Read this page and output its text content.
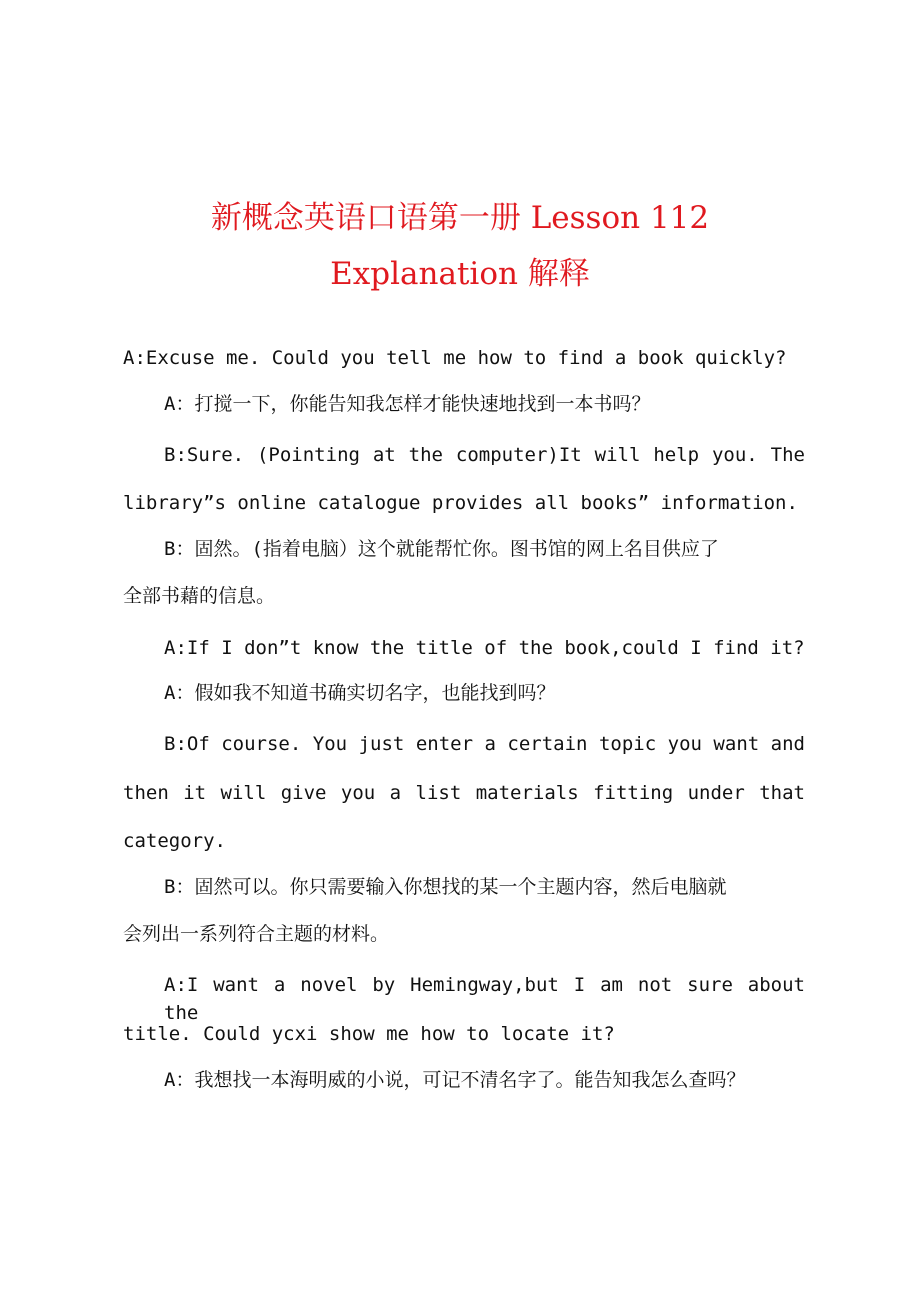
新概念英语口语第一册 Lesson 112
Explanation 解释
A:Excuse me. Could you tell me how to find a book quickly?
A：打搅一下，你能告知我怎样才能快速地找到一本书吗？
B:Sure. (Pointing at the computer)It will help you. The
library”s online catalogue provides all books” information.
B：固然。(指着电脑）这个就能帮忙你。图书馆的网上名目供应了
全部书藉的信息。
A:If I don”t know the title of the book,could I find it?
A：假如我不知道书确实切名字，也能找到吗？
B:Of course. You just enter a certain topic you want and
then it will give you a list materials fitting under that
category.
B：固然可以。你只需要输入你想找的某一个主题内容，然后电脑就
会列出一系列符合主题的材料。
A:I want a novel by Hemingway,but I am not sure about the
title. Could ycxi show me how to locate it?
A：我想找一本海明威的小说，可记不清名字了。能告知我怎么查吗？
